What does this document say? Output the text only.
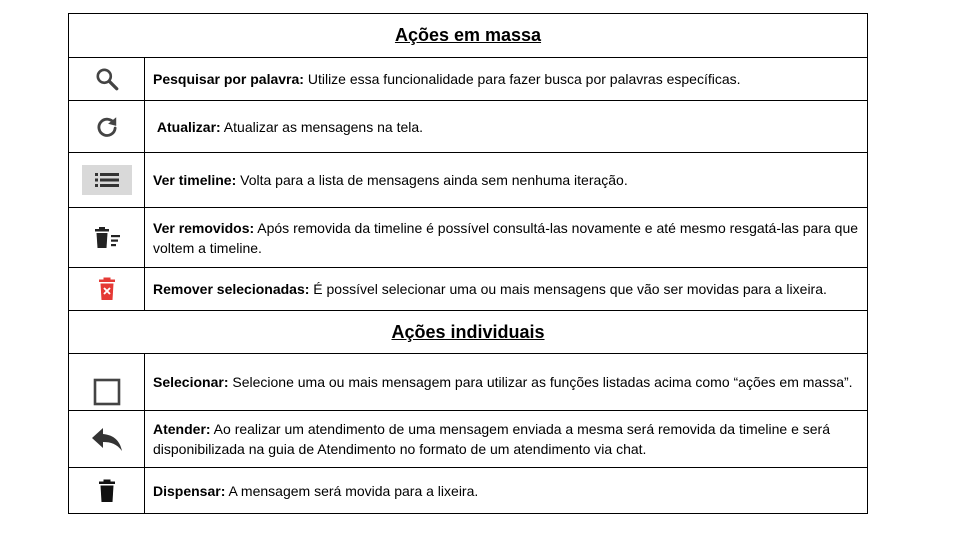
Ações em massa
Pesquisar por palavra: Utilize essa funcionalidade para fazer busca por palavras específicas.
Atualizar: Atualizar as mensagens na tela.
Ver timeline: Volta para a lista de mensagens ainda sem nenhuma iteração.
Ver removidos: Após removida da timeline é possível consultá-las novamente e até mesmo resgatá-las para que voltem a timeline.
Remover selecionadas: É possível selecionar uma ou mais mensagens que vão ser movidas para a lixeira.
Ações individuais
Selecionar: Selecione uma ou mais mensagem para utilizar as funções listadas acima como “ações em massa”.
Atender: Ao realizar um atendimento de uma mensagem enviada a mesma será removida da timeline e será disponibilizada na guia de Atendimento no formato de um atendimento via chat.
Dispensar: A mensagem será movida para a lixeira.
